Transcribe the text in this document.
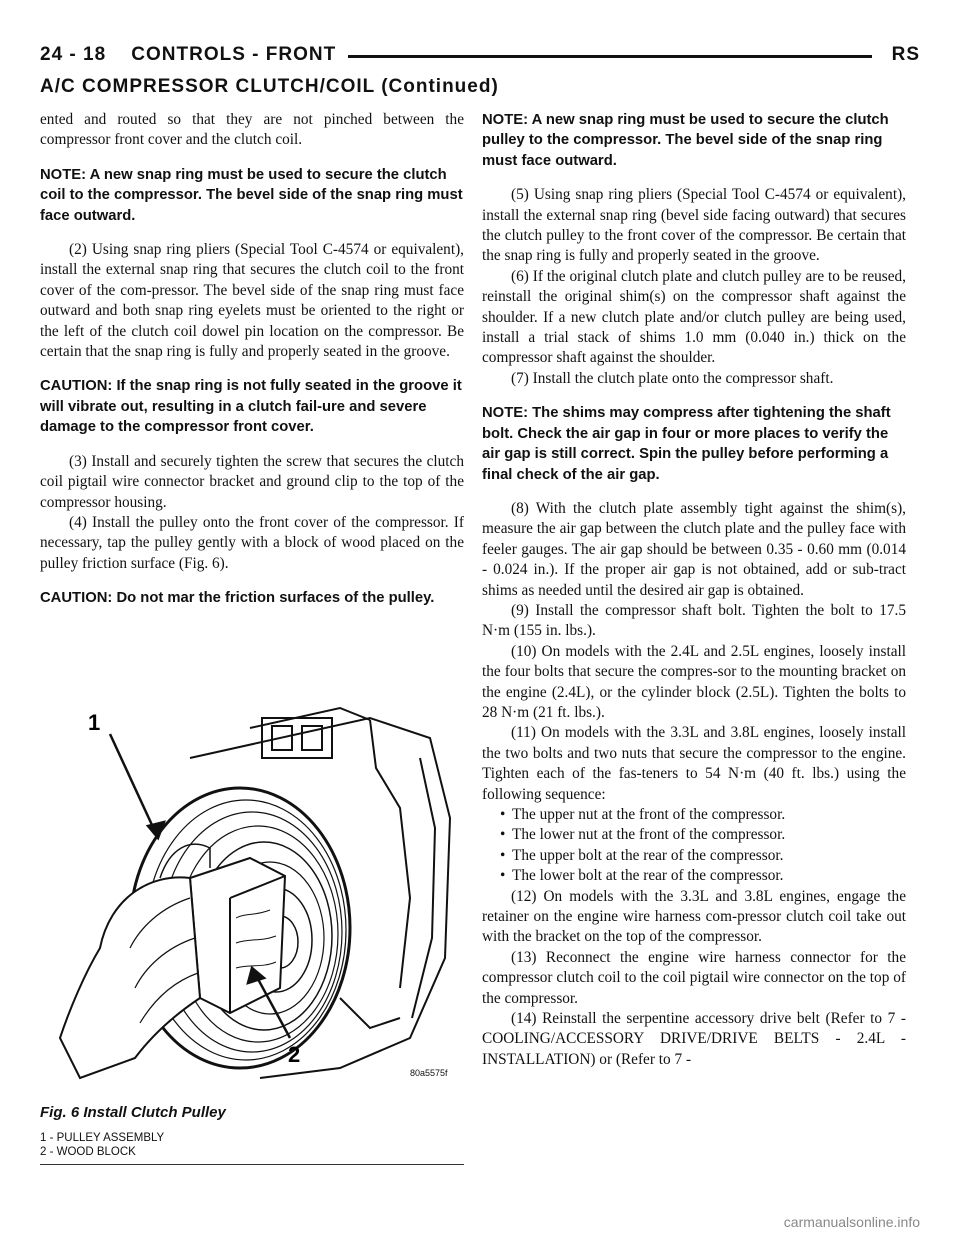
24 - 18    CONTROLS - FRONT	RS
A/C COMPRESSOR CLUTCH/COIL (Continued)

ented and routed so that they are not pinched between the compressor front cover and the clutch coil.

NOTE: A new snap ring must be used to secure the clutch coil to the compressor. The bevel side of the snap ring must face outward.

(2) Using snap ring pliers (Special Tool C-4574 or equivalent), install the external snap ring that secures the clutch coil to the front cover of the com-pressor. The bevel side of the snap ring must face outward and both snap ring eyelets must be oriented to the right or the left of the clutch coil dowel pin location on the compressor. Be certain that the snap ring is fully and properly seated in the groove.

CAUTION: If the snap ring is not fully seated in the groove it will vibrate out, resulting in a clutch fail-ure and severe damage to the compressor front cover.

(3) Install and securely tighten the screw that secures the clutch coil pigtail wire connector bracket and ground clip to the top of the compressor housing.

(4) Install the pulley onto the front cover of the compressor. If necessary, tap the pulley gently with a block of wood placed on the pulley friction surface (Fig. 6).

CAUTION: Do not mar the friction surfaces of the pulley.

1
2
80a5575f
Fig. 6 Install Clutch Pulley
1 - PULLEY ASSEMBLY
2 - WOOD BLOCK

NOTE: A new snap ring must be used to secure the clutch pulley to the compressor. The bevel side of the snap ring must face outward.

(5) Using snap ring pliers (Special Tool C-4574 or equivalent), install the external snap ring (bevel side facing outward) that secures the clutch pulley to the front cover of the compressor. Be certain that the snap ring is fully and properly seated in the groove.

(6) If the original clutch plate and clutch pulley are to be reused, reinstall the original shim(s) on the compressor shaft against the shoulder. If a new clutch plate and/or clutch pulley are being used, install a trial stack of shims 1.0 mm (0.040 in.) thick on the compressor shaft against the shoulder.

(7) Install the clutch plate onto the compressor shaft.

NOTE: The shims may compress after tightening the shaft bolt. Check the air gap in four or more places to verify the air gap is still correct. Spin the pulley before performing a final check of the air gap.

(8) With the clutch plate assembly tight against the shim(s), measure the air gap between the clutch plate and the pulley face with feeler gauges. The air gap should be between 0.35 - 0.60 mm (0.014 - 0.024 in.). If the proper air gap is not obtained, add or sub-tract shims as needed until the desired air gap is obtained.

(9) Install the compressor shaft bolt. Tighten the bolt to 17.5 N·m (155 in. lbs.).

(10) On models with the 2.4L and 2.5L engines, loosely install the four bolts that secure the compres-sor to the mounting bracket on the engine (2.4L), or the cylinder block (2.5L). Tighten the bolts to 28 N·m (21 ft. lbs.).

(11) On models with the 3.3L and 3.8L engines, loosely install the two bolts and two nuts that secure the compressor to the engine. Tighten each of the fas-teners to 54 N·m (40 ft. lbs.) using the following sequence:

• The upper nut at the front of the compressor.
• The lower nut at the front of the compressor.
• The upper bolt at the rear of the compressor.
• The lower bolt at the rear of the compressor.

(12) On models with the 3.3L and 3.8L engines, engage the retainer on the engine wire harness com-pressor clutch coil take out with the bracket on the top of the compressor.

(13) Reconnect the engine wire harness connector for the compressor clutch coil to the coil pigtail wire connector on the top of the compressor.

(14) Reinstall the serpentine accessory drive belt (Refer to 7 - COOLING/ACCESSORY DRIVE/DRIVE BELTS - 2.4L - INSTALLATION) or (Refer to 7 -

carmanualsonline.info
